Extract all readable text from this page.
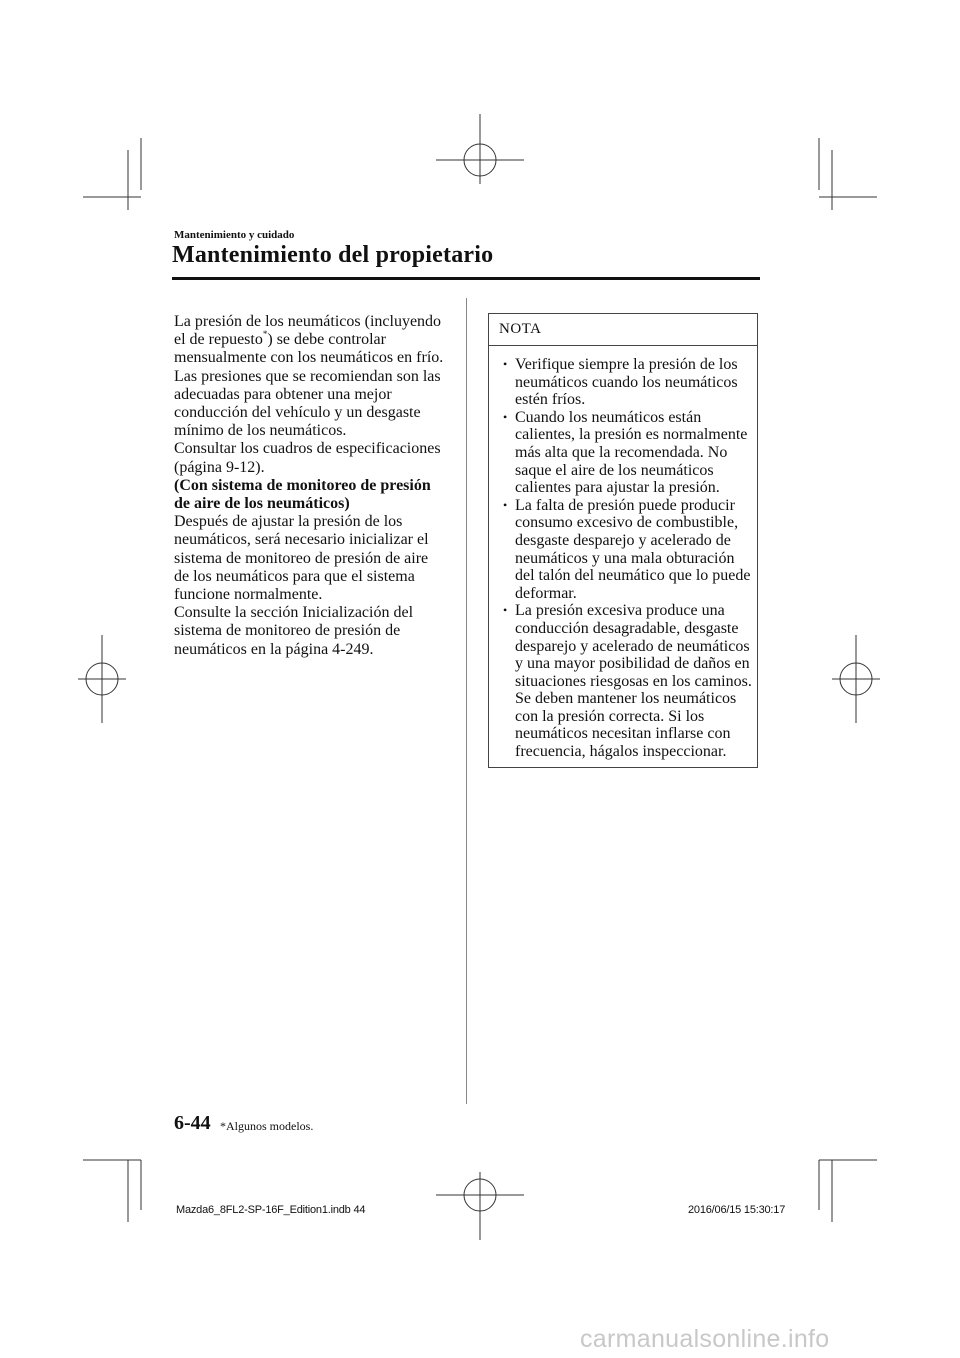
Mantenimiento y cuidado
Mantenimiento del propietario

La presión de los neumáticos (incluyendo el de repuesto*) se debe controlar mensualmente con los neumáticos en frío. Las presiones que se recomiendan son las adecuadas para obtener una mejor conducción del vehículo y un desgaste mínimo de los neumáticos.

Consultar los cuadros de especificaciones (página 9-12).

(Con sistema de monitoreo de presión de aire de los neumáticos)

Después de ajustar la presión de los neumáticos, será necesario inicializar el sistema de monitoreo de presión de aire de los neumáticos para que el sistema funcione normalmente.

Consulte la sección Inicialización del sistema de monitoreo de presión de neumáticos en la página 4-249.

NOTA
• Verifique siempre la presión de los neumáticos cuando los neumáticos estén fríos.
• Cuando los neumáticos están calientes, la presión es normalmente más alta que la recomendada. No saque el aire de los neumáticos calientes para ajustar la presión.
• La falta de presión puede producir consumo excesivo de combustible, desgaste desparejo y acelerado de neumáticos y una mala obturación del talón del neumático que lo puede deformar.
• La presión excesiva produce una conducción desagradable, desgaste desparejo y acelerado de neumáticos y una mayor posibilidad de daños en situaciones riesgosas en los caminos. Se deben mantener los neumáticos con la presión correcta. Si los neumáticos necesitan inflarse con frecuencia, hágalos inspeccionar.
6-44 *Algunos modelos.
Mazda6_8FL2-SP-16F_Edition1.indb 44	2016/06/15 15:30:17
carmanualsonline.info
